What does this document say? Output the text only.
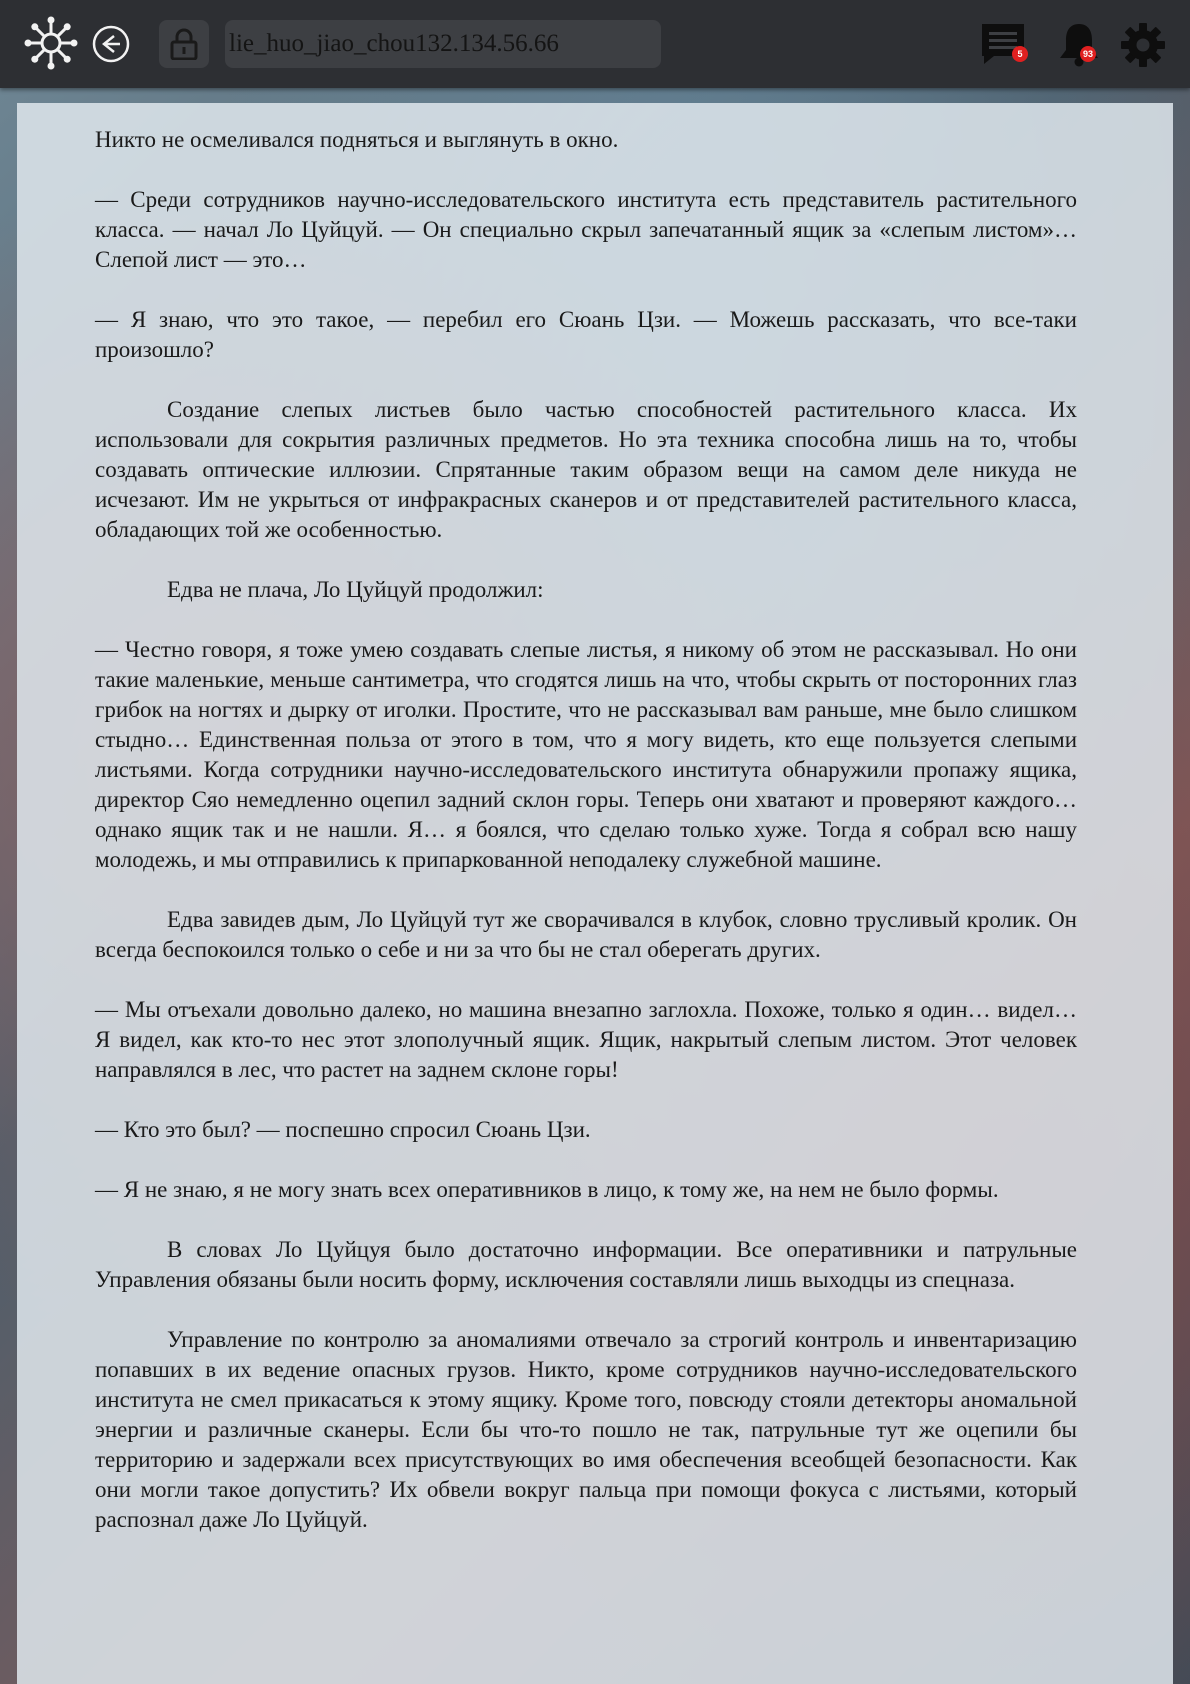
lie_huo_jiao_chou132.134.56.66	5	93

Никто не осмеливался подняться и выглянуть в окно.

— Среди сотрудников научно-исследовательского института есть представитель растительного класса. — начал Ло Цуйцуй. — Он специально скрыл запечатанный ящик за «слепым листом»… Слепой лист — это…

— Я знаю, что это такое, — перебил его Сюань Цзи. — Можешь рассказать, что все-таки произошло?

Создание слепых листьев было частью способностей растительного класса. Их использовали для сокрытия различных предметов. Но эта техника способна лишь на то, чтобы создавать оптические иллюзии. Спрятанные таким образом вещи на самом деле никуда не исчезают. Им не укрыться от инфракрасных сканеров и от представителей растительного класса, обладающих той же особенностью.

Едва не плача, Ло Цуйцуй продолжил:

— Честно говоря, я тоже умею создавать слепые листья, я никому об этом не рассказывал. Но они такие маленькие, меньше сантиметра, что сгодятся лишь на что, чтобы скрыть от посторонних глаз грибок на ногтях и дырку от иголки. Простите, что не рассказывал вам раньше, мне было слишком стыдно… Единственная польза от этого в том, что я могу видеть, кто еще пользуется слепыми листьями. Когда сотрудники научно-исследовательского института обнаружили пропажу ящика, директор Сяо немедленно оцепил задний склон горы. Теперь они хватают и проверяют каждого… однако ящик так и не нашли. Я… я боялся, что сделаю только хуже. Тогда я собрал всю нашу молодежь, и мы отправились к припаркованной неподалеку служебной машине.

Едва завидев дым, Ло Цуйцуй тут же сворачивался в клубок, словно трусливый кролик. Он всегда беспокоился только о себе и ни за что бы не стал оберегать других.

— Мы отъехали довольно далеко, но машина внезапно заглохла. Похоже, только я один… видел… Я видел, как кто-то нес этот злополучный ящик. Ящик, накрытый слепым листом. Этот человек направлялся в лес, что растет на заднем склоне горы!

— Кто это был? — поспешно спросил Сюань Цзи.

— Я не знаю, я не могу знать всех оперативников в лицо, к тому же, на нем не было формы.

В словах Ло Цуйцуя было достаточно информации. Все оперативники и патрульные Управления обязаны были носить форму, исключения составляли лишь выходцы из спецназа.

Управление по контролю за аномалиями отвечало за строгий контроль и инвентаризацию попавших в их ведение опасных грузов. Никто, кроме сотрудников научно-исследовательского института не смел прикасаться к этому ящику. Кроме того, повсюду стояли детекторы аномальной энергии и различные сканеры. Если бы что-то пошло не так, патрульные тут же оцепили бы территорию и задержали всех присутствующих во имя обеспечения всеобщей безопасности. Как они могли такое допустить? Их обвели вокруг пальца при помощи фокуса с листьями, который распознал даже Ло Цуйцуй.
